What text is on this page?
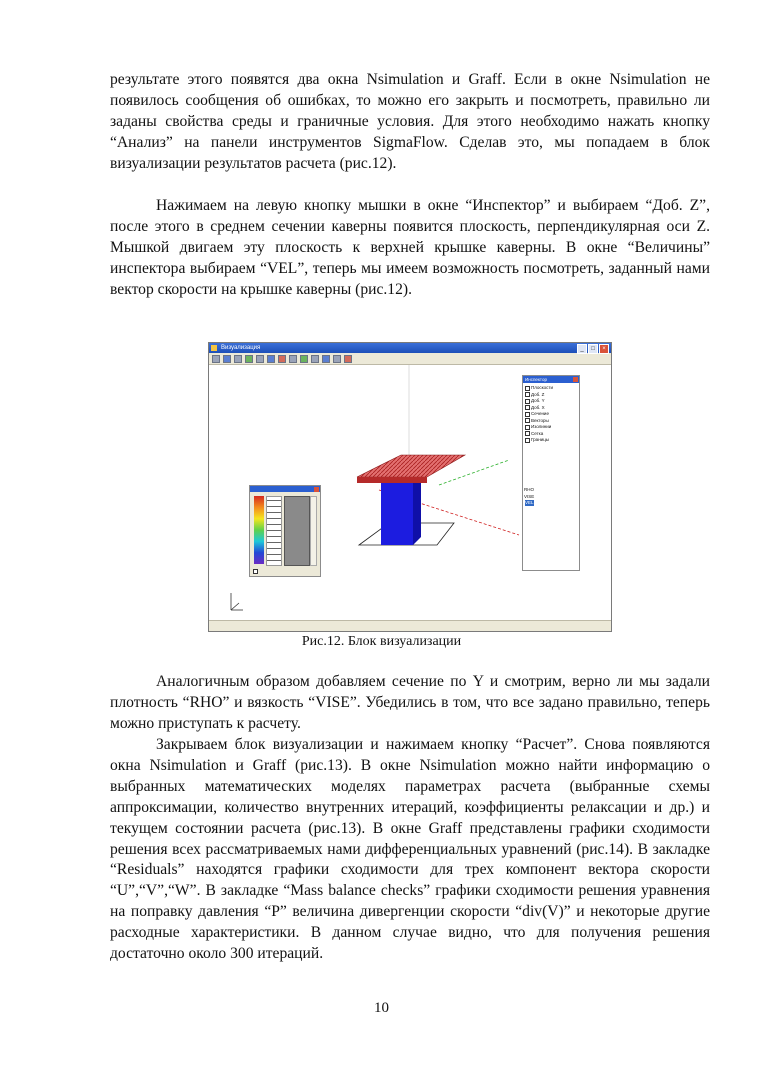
результате этого появятся два окна Nsimulation и Graff. Если в окне Nsimulation не появилось сообщения об ошибках, то можно его закрыть и посмотреть, правильно ли заданы свойства среды и граничные условия. Для этого необходимо нажать кнопку “Анализ” на панели инструментов SigmaFlow. Сделав это, мы попадаем в блок визуализации результатов расчета (рис.12).

Нажимаем на левую кнопку мышки в окне “Инспектор” и выбираем “Доб. Z”, после этого в среднем сечении каверны появится плоскость, перпендикулярная оси Z. Мышкой двигаем эту плоскость к верхней крышке каверны. В окне “Величины” инспектора выбираем “VEL”, теперь мы имеем возможность посмотреть, заданный нами вектор скорости на крышке каверны (рис.12).

Визуализация	_	□	×
Инспектор
Плоскости
Доб. Z
Доб. Y
Доб. X
Сечение
Векторы
Изолинии
Сетка
Границы
RHO
VISE
VEL

Рис.12. Блок визуализации

Аналогичным образом добавляем сечение по Y и смотрим, верно ли мы задали плотность “RHO” и вязкость “VISE”. Убедились в том, что все задано правильно, теперь можно приступать к расчету.

Закрываем блок визуализации и нажимаем кнопку “Расчет”. Снова появляются окна Nsimulation и Graff (рис.13). В окне Nsimulation можно найти информацию о выбранных математических моделях параметрах расчета (выбранные схемы аппроксимации, количество внутренних итераций, коэффициенты релаксации и др.) и текущем состоянии расчета (рис.13). В окне Graff представлены графики сходимости решения всех рассматриваемых нами дифференциальных уравнений (рис.14). В закладке “Residuals” находятся графики сходимости для трех компонент вектора скорости “U”,“V”,“W”. В закладке “Mass balance checks” графики сходимости решения уравнения на поправку давления “P” величина дивергенции скорости “div(V)” и некоторые другие расходные характеристики. В данном случае видно, что для получения решения достаточно около 300 итераций.

10
